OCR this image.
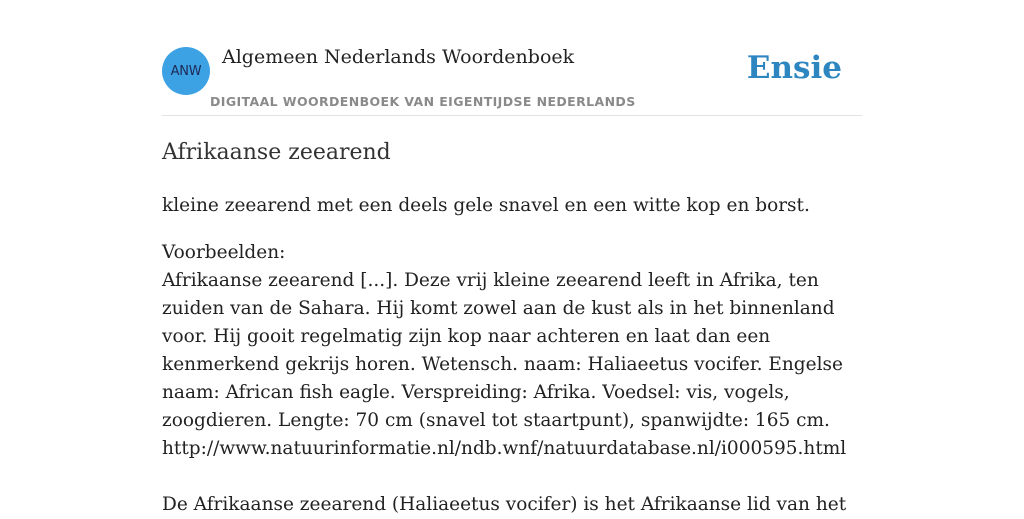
ANW
Algemeen Nederlands Woordenboek
DIGITAAL WOORDENBOEK VAN EIGENTIJDSE NEDERLANDS
Ensie
Afrikaanse zeearend

kleine zeearend met een deels gele snavel en een witte kop en borst.

Voorbeelden:

Afrikaanse zeearend [...]. Deze vrij kleine zeearend leeft in Afrika, ten zuiden van de Sahara. Hij komt zowel aan de kust als in het binnenland voor. Hij gooit regelmatig zijn kop naar achteren en laat dan een kenmerkend gekrijs horen. Wetensch. naam: Haliaeetus vocifer. Engelse naam: African fish eagle. Verspreiding: Afrika. Voedsel: vis, vogels, zoogdieren. Lengte: 70 cm (snavel tot staartpunt), spanwijdte: 165 cm.

http://www.natuurinformatie.nl/ndb.wnf/natuurdatabase.nl/i000595.html

De Afrikaanse zeearend (Haliaeetus vocifer) is het Afrikaanse lid van het
